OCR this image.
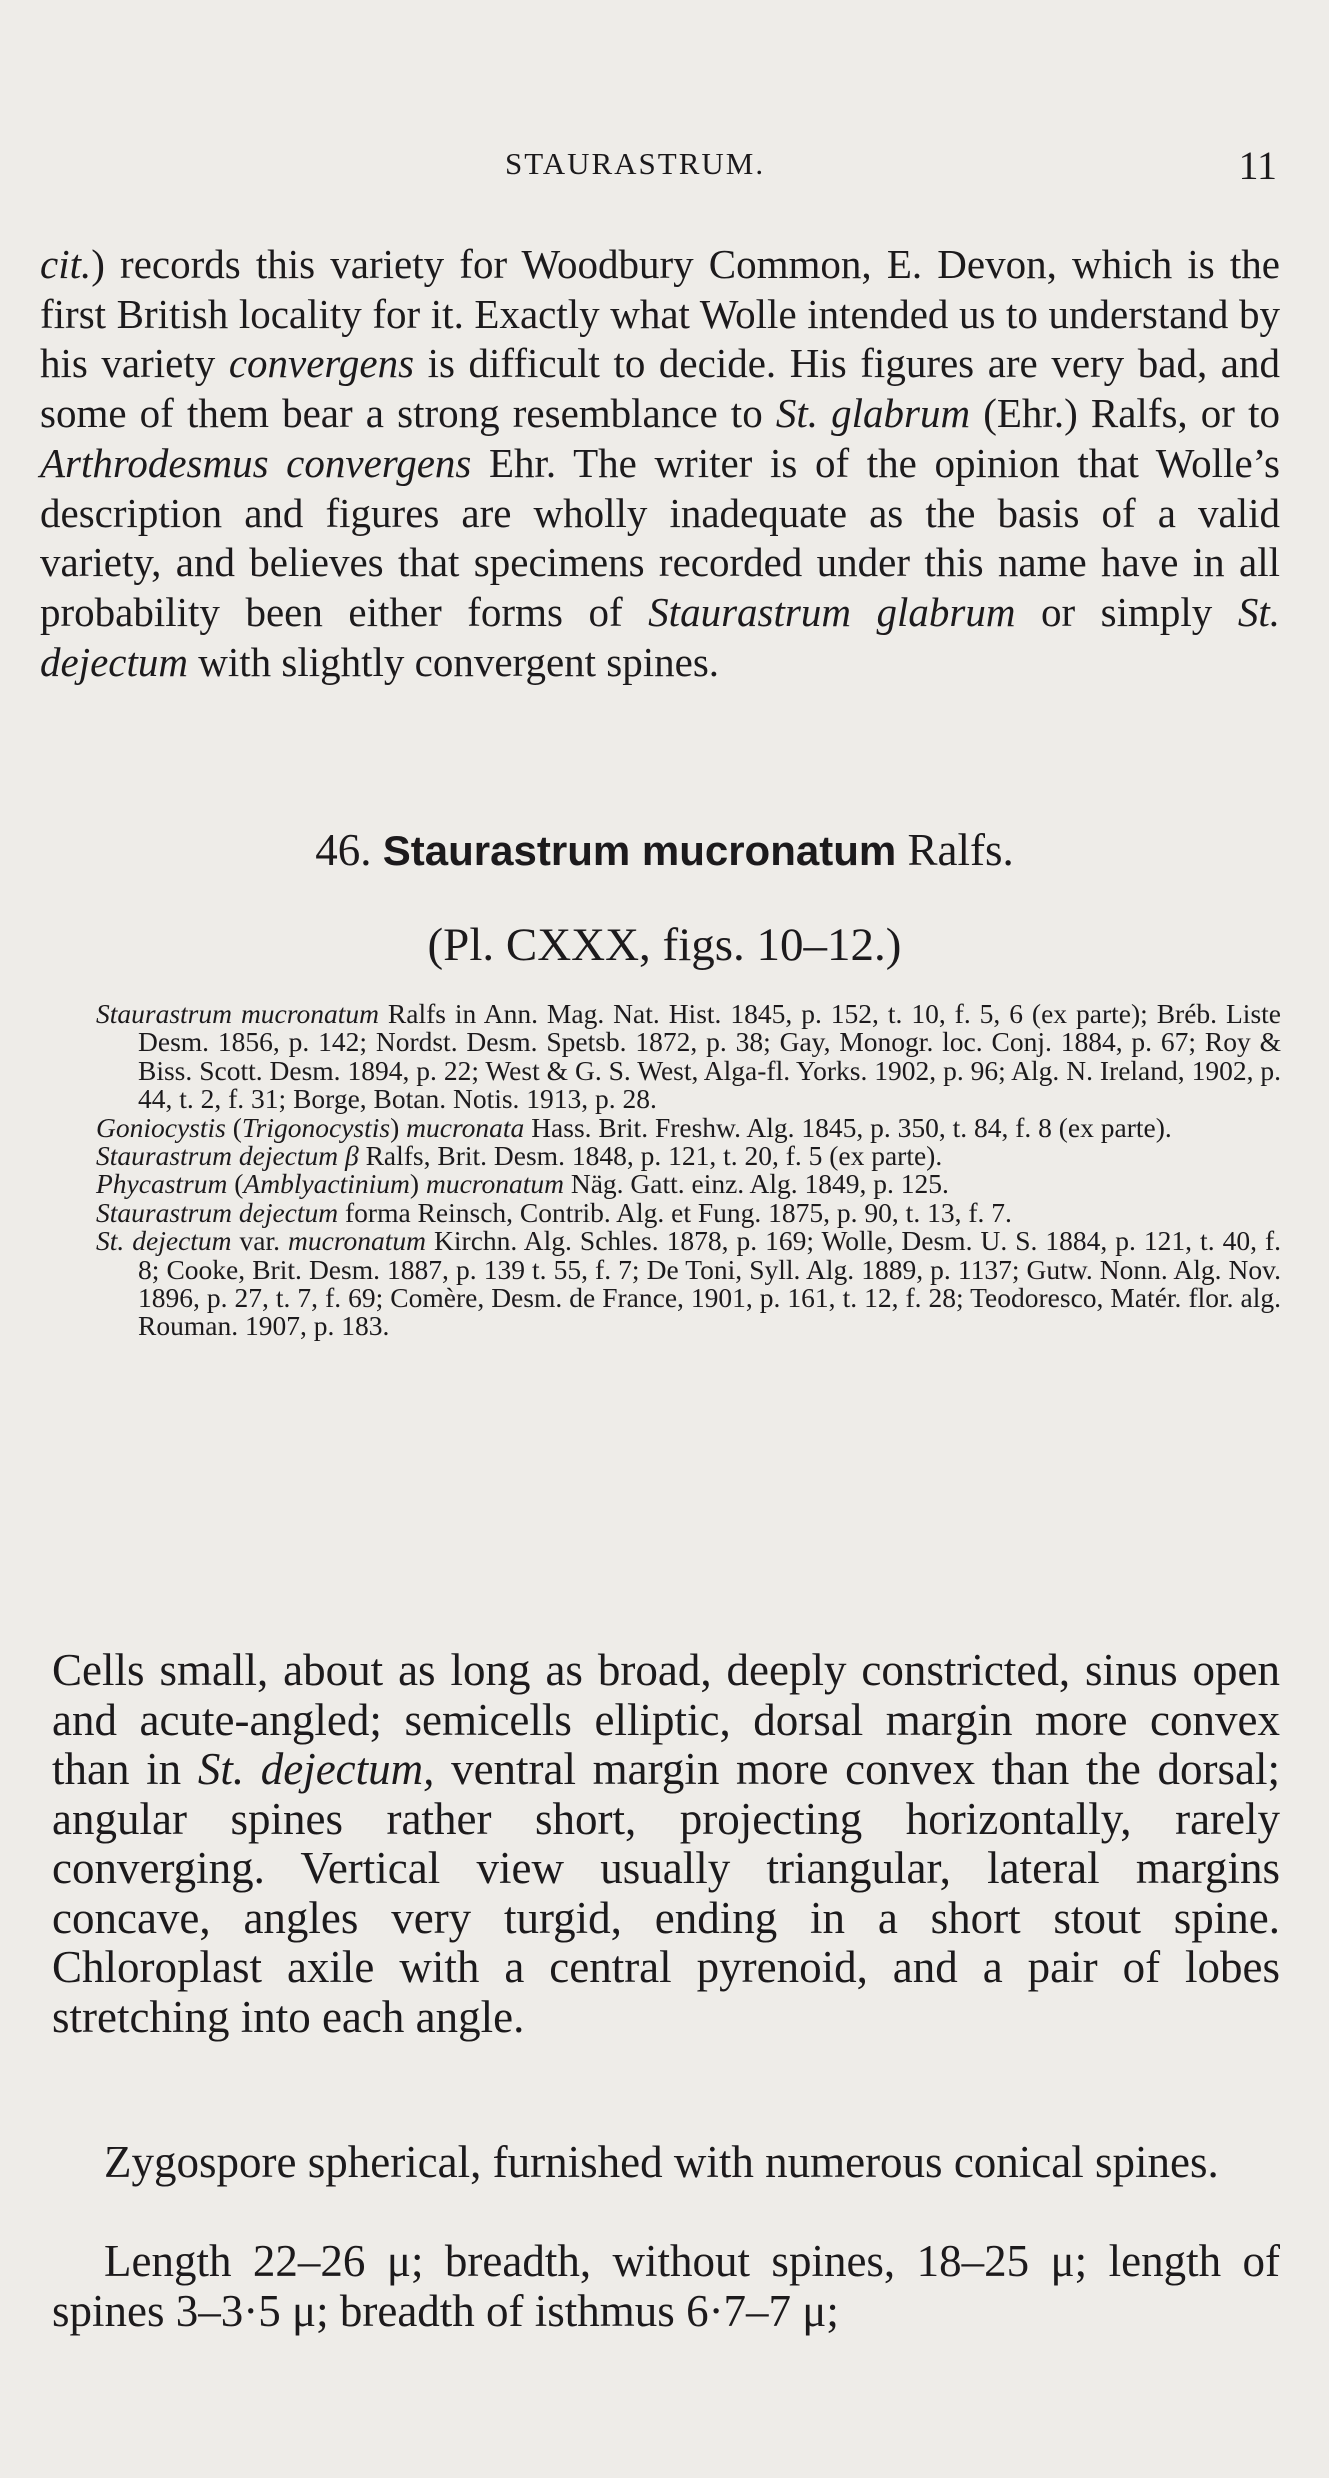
STAURASTRUM.	11

cit.) records this variety for Woodbury Common, E. Devon, which is the first British locality for it. Exactly what Wolle intended us to understand by his variety convergens is difficult to decide. His figures are very bad, and some of them bear a strong resemblance to St. glabrum (Ehr.) Ralfs, or to Arthrodesmus convergens Ehr. The writer is of the opinion that Wolle’s description and figures are wholly inadequate as the basis of a valid variety, and believes that specimens recorded under this name have in all probability been either forms of Staurastrum glabrum or simply St. dejectum with slightly convergent spines.

46. Staurastrum mucronatum Ralfs.
(Pl. CXXX, figs. 10–12.)

Staurastrum mucronatum Ralfs in Ann. Mag. Nat. Hist. 1845, p. 152, t. 10, f. 5, 6 (ex parte); Bréb. Liste Desm. 1856, p. 142; Nordst. Desm. Spetsb. 1872, p. 38; Gay, Monogr. loc. Conj. 1884, p. 67; Roy & Biss. Scott. Desm. 1894, p. 22; West & G. S. West, Alga-fl. Yorks. 1902, p. 96; Alg. N. Ireland, 1902, p. 44, t. 2, f. 31; Borge, Botan. Notis. 1913, p. 28.

Goniocystis (Trigonocystis) mucronata Hass. Brit. Freshw. Alg. 1845, p. 350, t. 84, f. 8 (ex parte).

Staurastrum dejectum β Ralfs, Brit. Desm. 1848, p. 121, t. 20, f. 5 (ex parte).

Phycastrum (Amblyactinium) mucronatum Näg. Gatt. einz. Alg. 1849, p. 125.

Staurastrum dejectum forma Reinsch, Contrib. Alg. et Fung. 1875, p. 90, t. 13, f. 7.

St. dejectum var. mucronatum Kirchn. Alg. Schles. 1878, p. 169; Wolle, Desm. U. S. 1884, p. 121, t. 40, f. 8; Cooke, Brit. Desm. 1887, p. 139 t. 55, f. 7; De Toni, Syll. Alg. 1889, p. 1137; Gutw. Nonn. Alg. Nov. 1896, p. 27, t. 7, f. 69; Comère, Desm. de France, 1901, p. 161, t. 12, f. 28; Teodoresco, Matér. flor. alg. Rouman. 1907, p. 183.

Cells small, about as long as broad, deeply constricted, sinus open and acute-angled; semicells elliptic, dorsal margin more convex than in St. dejectum, ventral margin more convex than the dorsal; angular spines rather short, projecting horizontally, rarely converging. Vertical view usually triangular, lateral margins concave, angles very turgid, ending in a short stout spine. Chloroplast axile with a central pyrenoid, and a pair of lobes stretching into each angle.

Zygospore spherical, furnished with numerous conical spines.

Length 22–26 μ; breadth, without spines, 18–25 μ; length of spines 3–3·5 μ; breadth of isthmus 6·7–7 μ;
